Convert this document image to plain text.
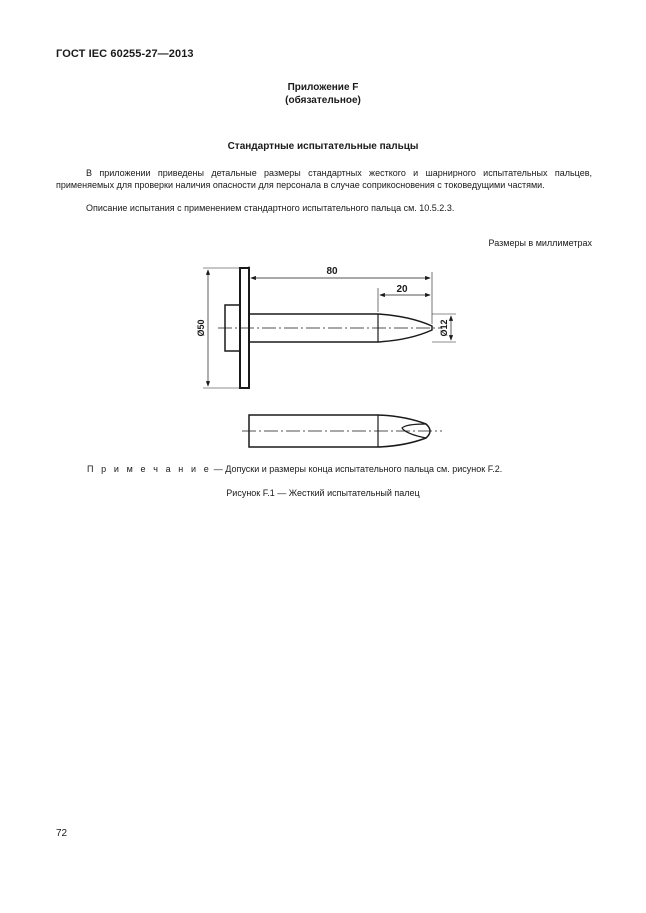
ГОСТ IEC 60255-27—2013
Приложение F
(обязательное)
Стандартные испытательные пальцы
В приложении приведены детальные размеры стандартных жесткого и шарнирного испытательных пальцев, применяемых для проверки наличия опасности для персонала в случае соприкосновения с токоведущими частями.
Описание испытания с применением стандартного испытательного пальца см. 10.5.2.3.
Размеры в миллиметрах
80
20
Ø12
Ø50
П р и м е ч а н и е — Допуски и размеры конца испытательного пальца см. рисунок F.2.
Рисунок F.1 — Жесткий испытательный палец
72
